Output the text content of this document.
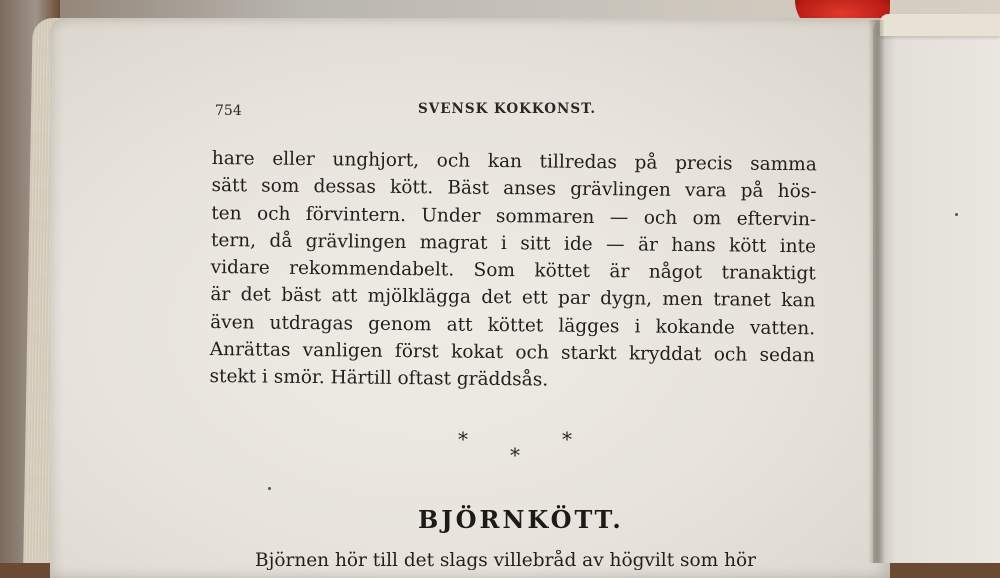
754	SVENSK KOKKONST.
hare eller unghjort, och kan tillredas på precis samma
sätt som dessas kött. Bäst anses grävlingen vara på hös-
ten och förvintern. Under sommaren — och om eftervin-
tern, då grävlingen magrat i sitt ide — är hans kött inte
vidare rekommendabelt. Som köttet är något tranaktigt
är det bäst att mjölklägga det ett par dygn, men tranet kan
även utdragas genom att köttet lägges i kokande vatten.
Anrättas vanligen först kokat och starkt kryddat och sedan
stekt i smör. Härtill oftast gräddsås.
*
*
*
BJÖRNKÖTT.
Björnen hör till det slags villebråd av högvilt som hör
